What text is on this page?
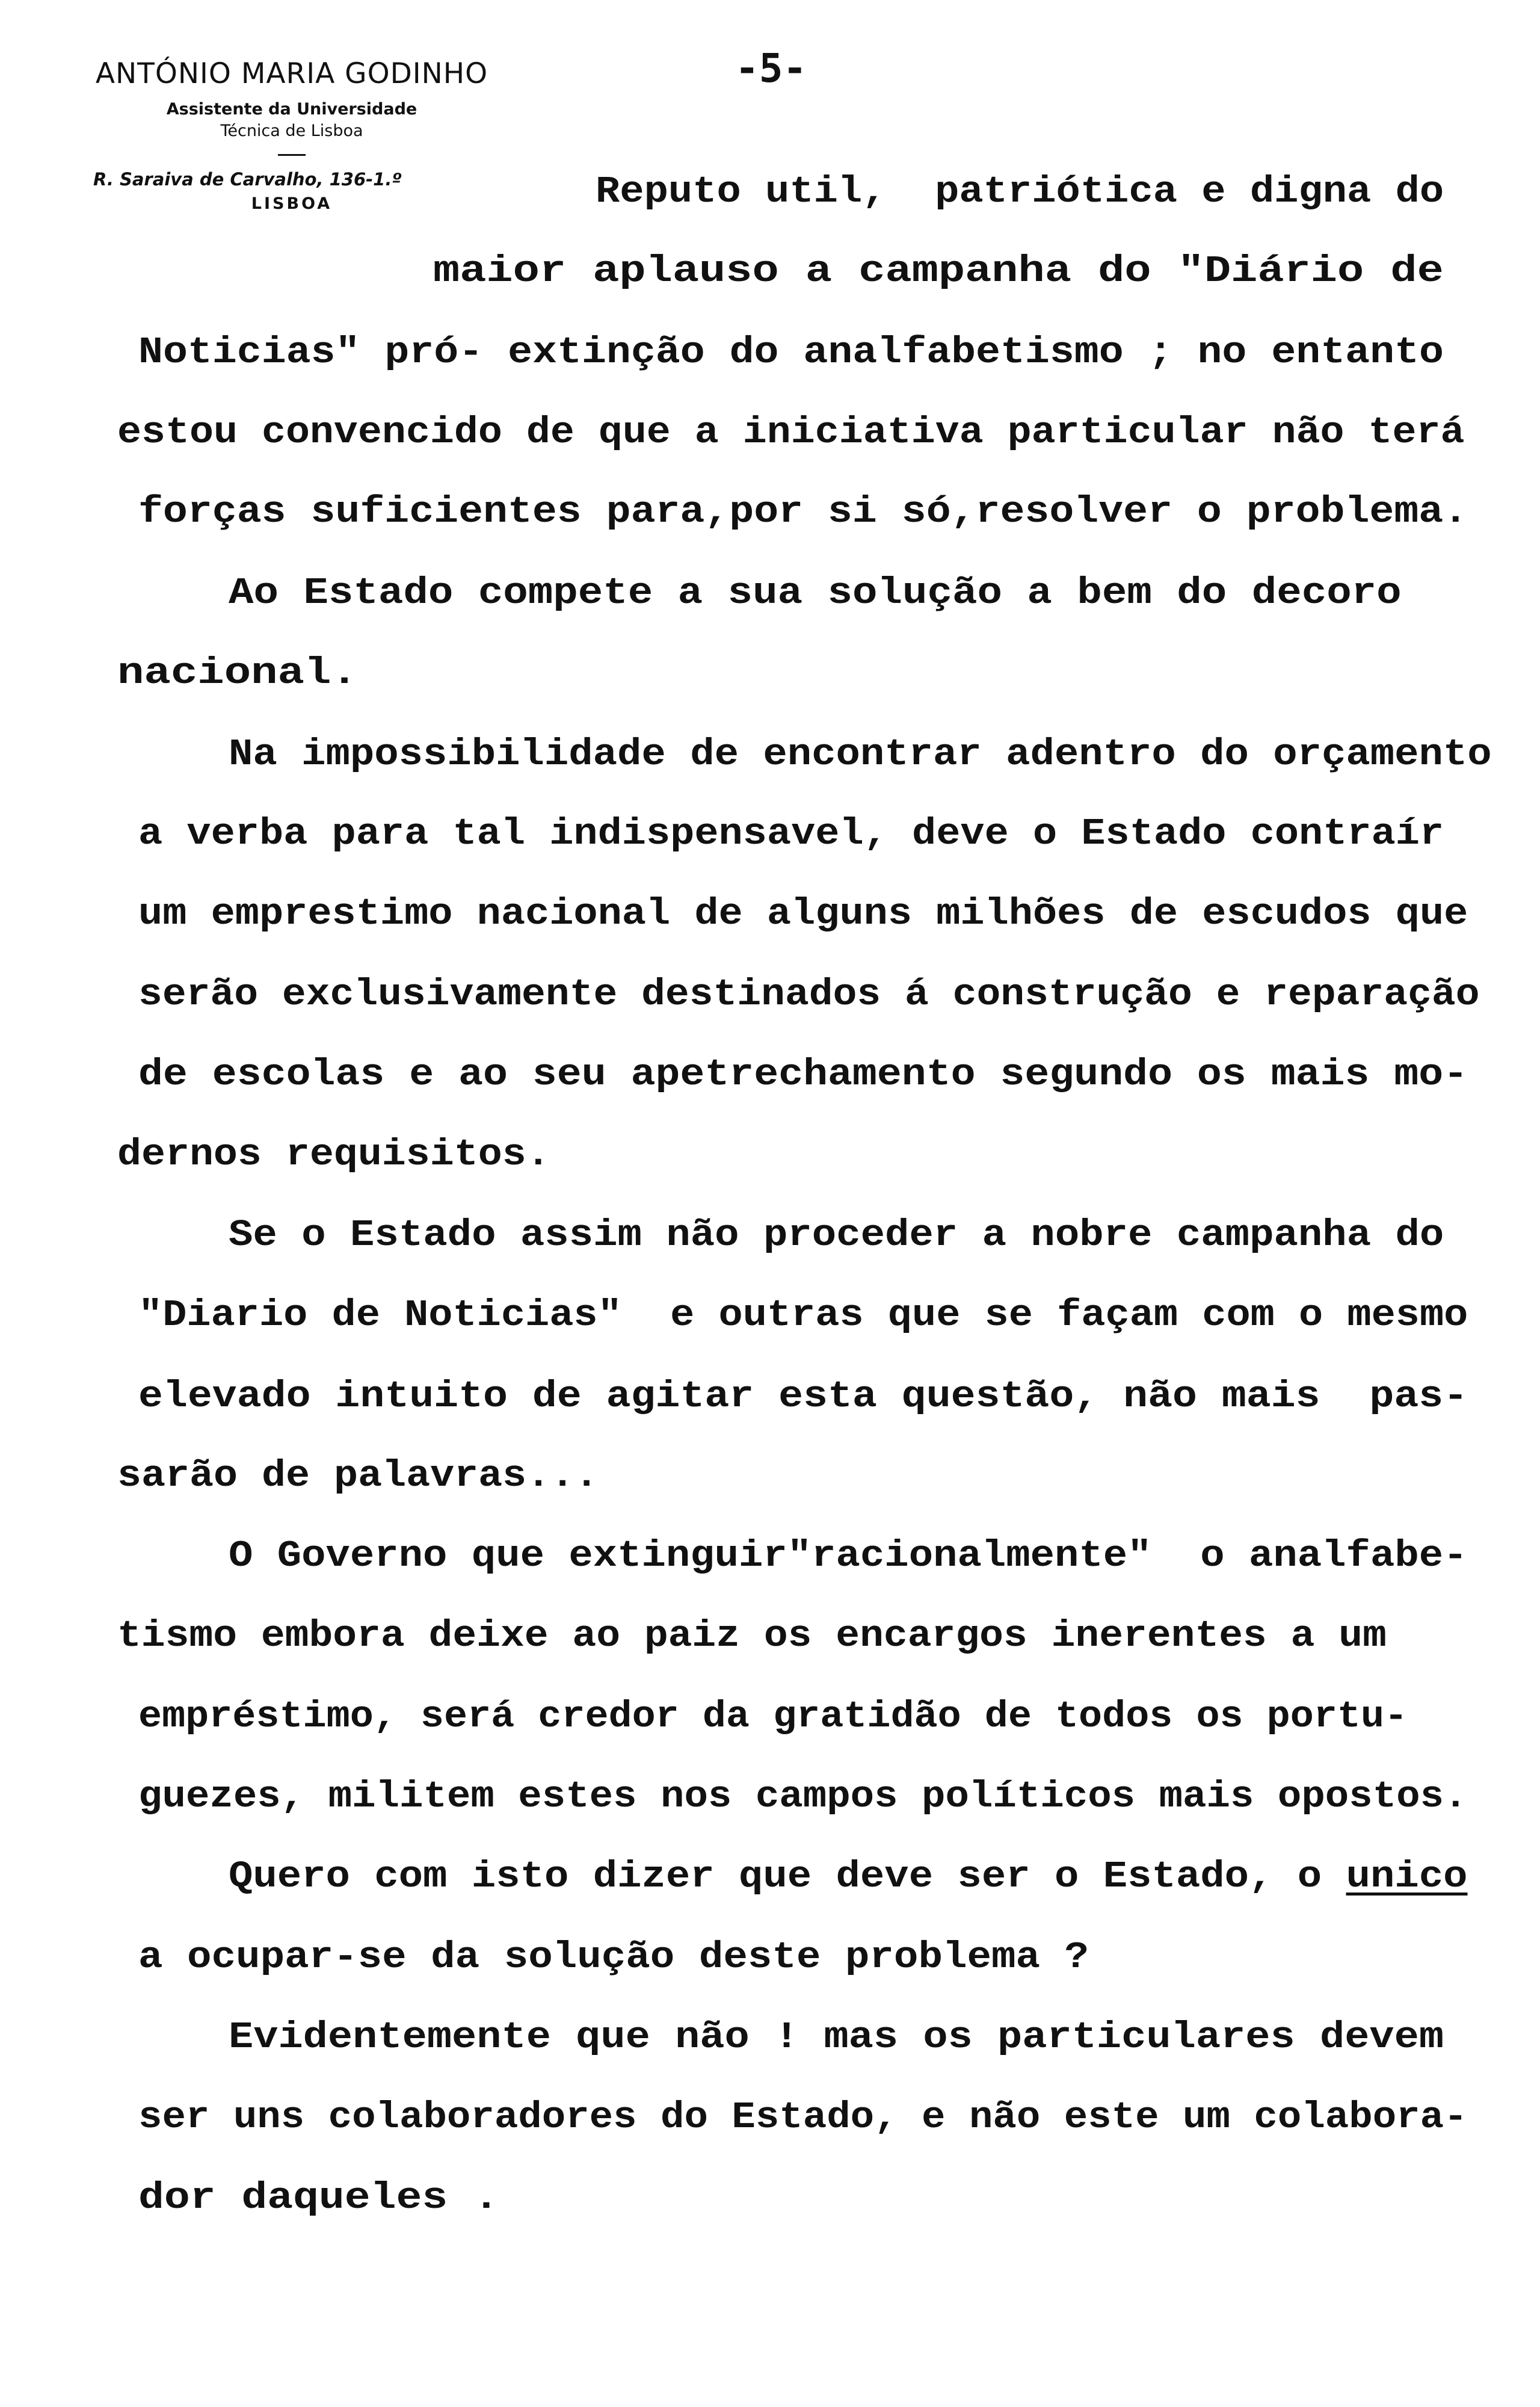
ANTÓNIO MARIA GODINHO
Assistente da Universidade
Técnica de Lisboa
R. Saraiva de Carvalho, 136-1.º
LISBOA
-5-
Reputo util,  patriótica e digna do
maior aplauso a campanha do "Diário de
Noticias" pró- extinção do analfabetismo ; no entanto
estou convencido de que a iniciativa particular não terá
forças suficientes para,por si só,resolver o problema.
Ao Estado compete a sua solução a bem do decoro
nacional.
Na impossibilidade de encontrar adentro do orçamento
a verba para tal indispensavel, deve o Estado contraír
um emprestimo nacional de alguns milhões de escudos que
serão exclusivamente destinados á construção e reparação
de escolas e ao seu apetrechamento segundo os mais mo-
dernos requisitos.
Se o Estado assim não proceder a nobre campanha do
"Diario de Noticias"  e outras que se façam com o mesmo
elevado intuito de agitar esta questão, não mais  pas-
sarão de palavras...
O Governo que extinguir"racionalmente"  o analfabe-
tismo embora deixe ao paiz os encargos inerentes a um
empréstimo, será credor da gratidão de todos os portu-
guezes, militem estes nos campos políticos mais opostos.
Quero com isto dizer que deve ser o Estado, o unico
a ocupar-se da solução deste problema ?
Evidentemente que não ! mas os particulares devem
ser uns colaboradores do Estado, e não este um colabora-
dor daqueles .
